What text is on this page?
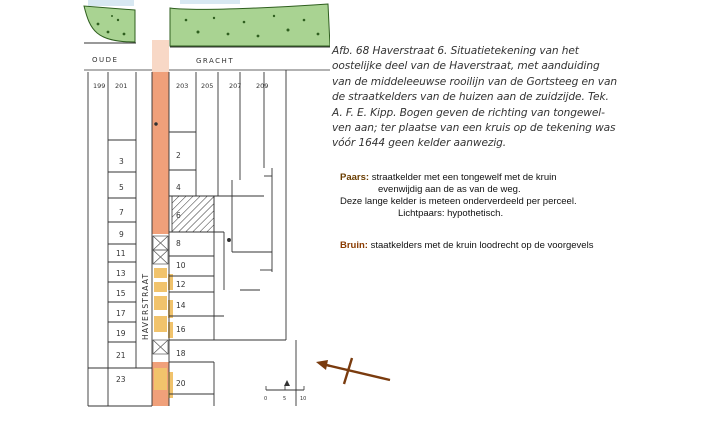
OUDE	GRACHT
HAVERSTRAAT
199 201	203 205 207 209
3
5
7
9
11
13
15
17
19
21
23
2
4
6
8
10
12
14
16
18
20
0	5	10
Afb. 68 Haverstraat 6. Situatietekening van het
oostelijke deel van de Haverstraat, met aanduiding
van de middeleeuwse rooilijn van de Gortsteeg en van
de straatkelders van de huizen aan de zuidzijde. Tek.
A. F. E. Kipp. Bogen geven de richting van tongewel-
ven aan; ter plaatse van een kruis op de tekening was
vóór 1644 geen kelder aanwezig.
Paars: straatkelder met een tongewelf met de kruin
evenwijdig aan de as van de weg.
Deze lange kelder is meteen onderverdeeld per perceel.
Lichtpaars: hypothetisch.
Bruin: staatkelders met de kruin loodrecht op de voorgevels
